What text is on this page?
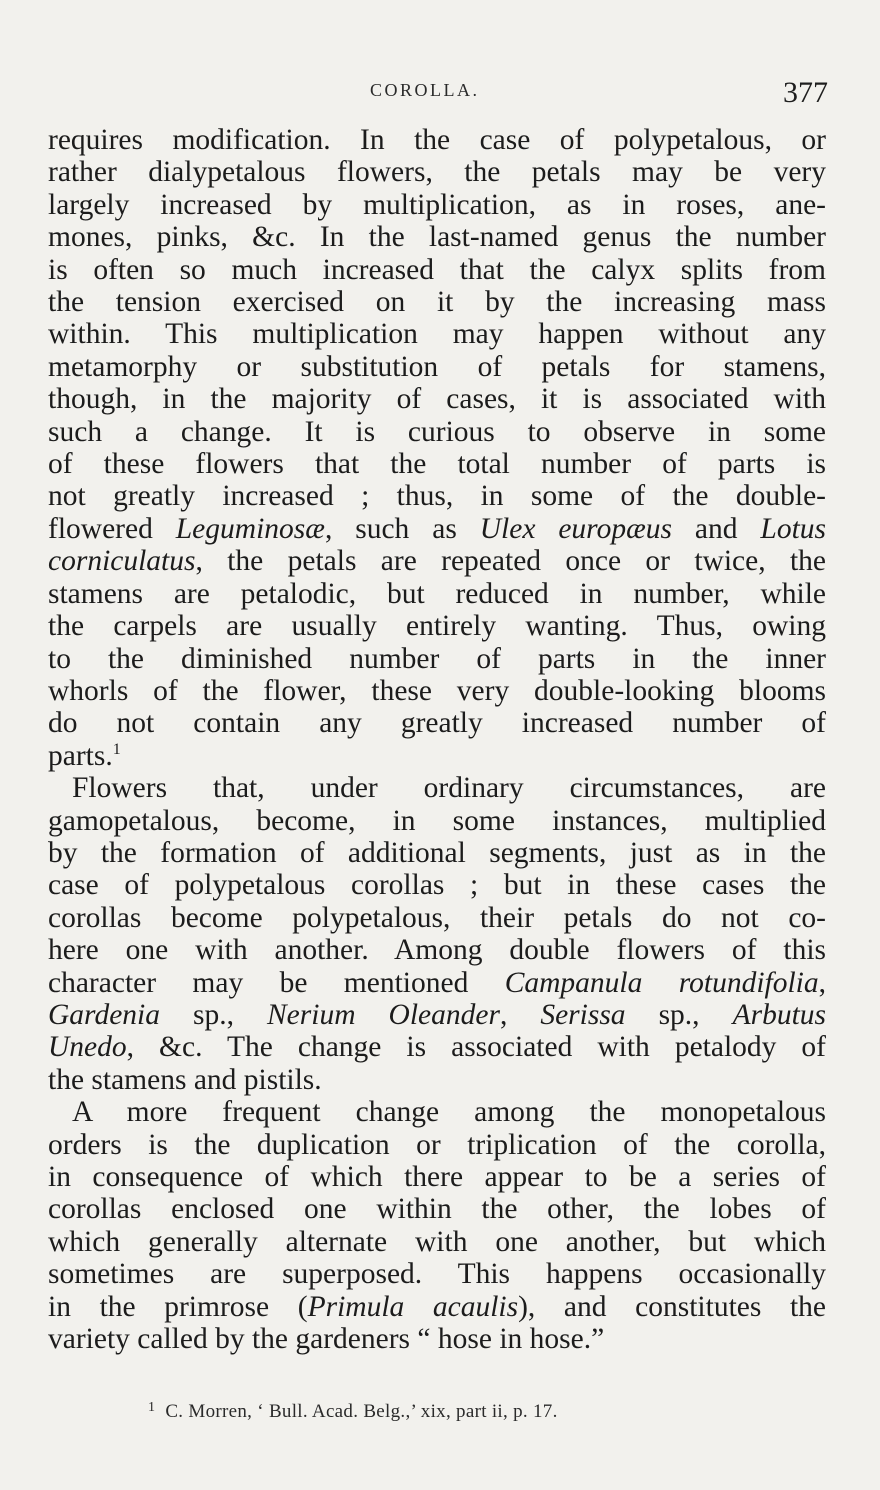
COROLLA.	377
requires modification. In the case of polypetalous, or
rather dialypetalous flowers, the petals may be very
largely increased by multiplication, as in roses, ane-
mones, pinks, &c. In the last-named genus the number
is often so much increased that the calyx splits from
the tension exercised on it by the increasing mass
within. This multiplication may happen without any
metamorphy or substitution of petals for stamens,
though, in the majority of cases, it is associated with
such a change. It is curious to observe in some
of these flowers that the total number of parts is
not greatly increased ; thus, in some of the double-
flowered Leguminosæ, such as Ulex europæus and Lotus
corniculatus, the petals are repeated once or twice, the
stamens are petalodic, but reduced in number, while
the carpels are usually entirely wanting. Thus, owing
to the diminished number of parts in the inner
whorls of the flower, these very double-looking blooms
do not contain any greatly increased number of
parts.$^1$
Flowers that, under ordinary circumstances, are
gamopetalous, become, in some instances, multiplied
by the formation of additional segments, just as in the
case of polypetalous corollas ; but in these cases the
corollas become polypetalous, their petals do not co-
here one with another. Among double flowers of this
character may be mentioned Campanula rotundifolia,
Gardenia sp., Nerium Oleander, Serissa sp., Arbutus
Unedo, &c. The change is associated with petalody of
the stamens and pistils.
A more frequent change among the monopetalous
orders is the duplication or triplication of the corolla,
in consequence of which there appear to be a series of
corollas enclosed one within the other, the lobes of
which generally alternate with one another, but which
sometimes are superposed. This happens occasionally
in the primrose (Primula acaulis), and constitutes the
variety called by the gardeners “ hose in hose.”
$^1$ C. Morren, ‘ Bull. Acad. Belg.,’ xix, part ii, p. 17.
